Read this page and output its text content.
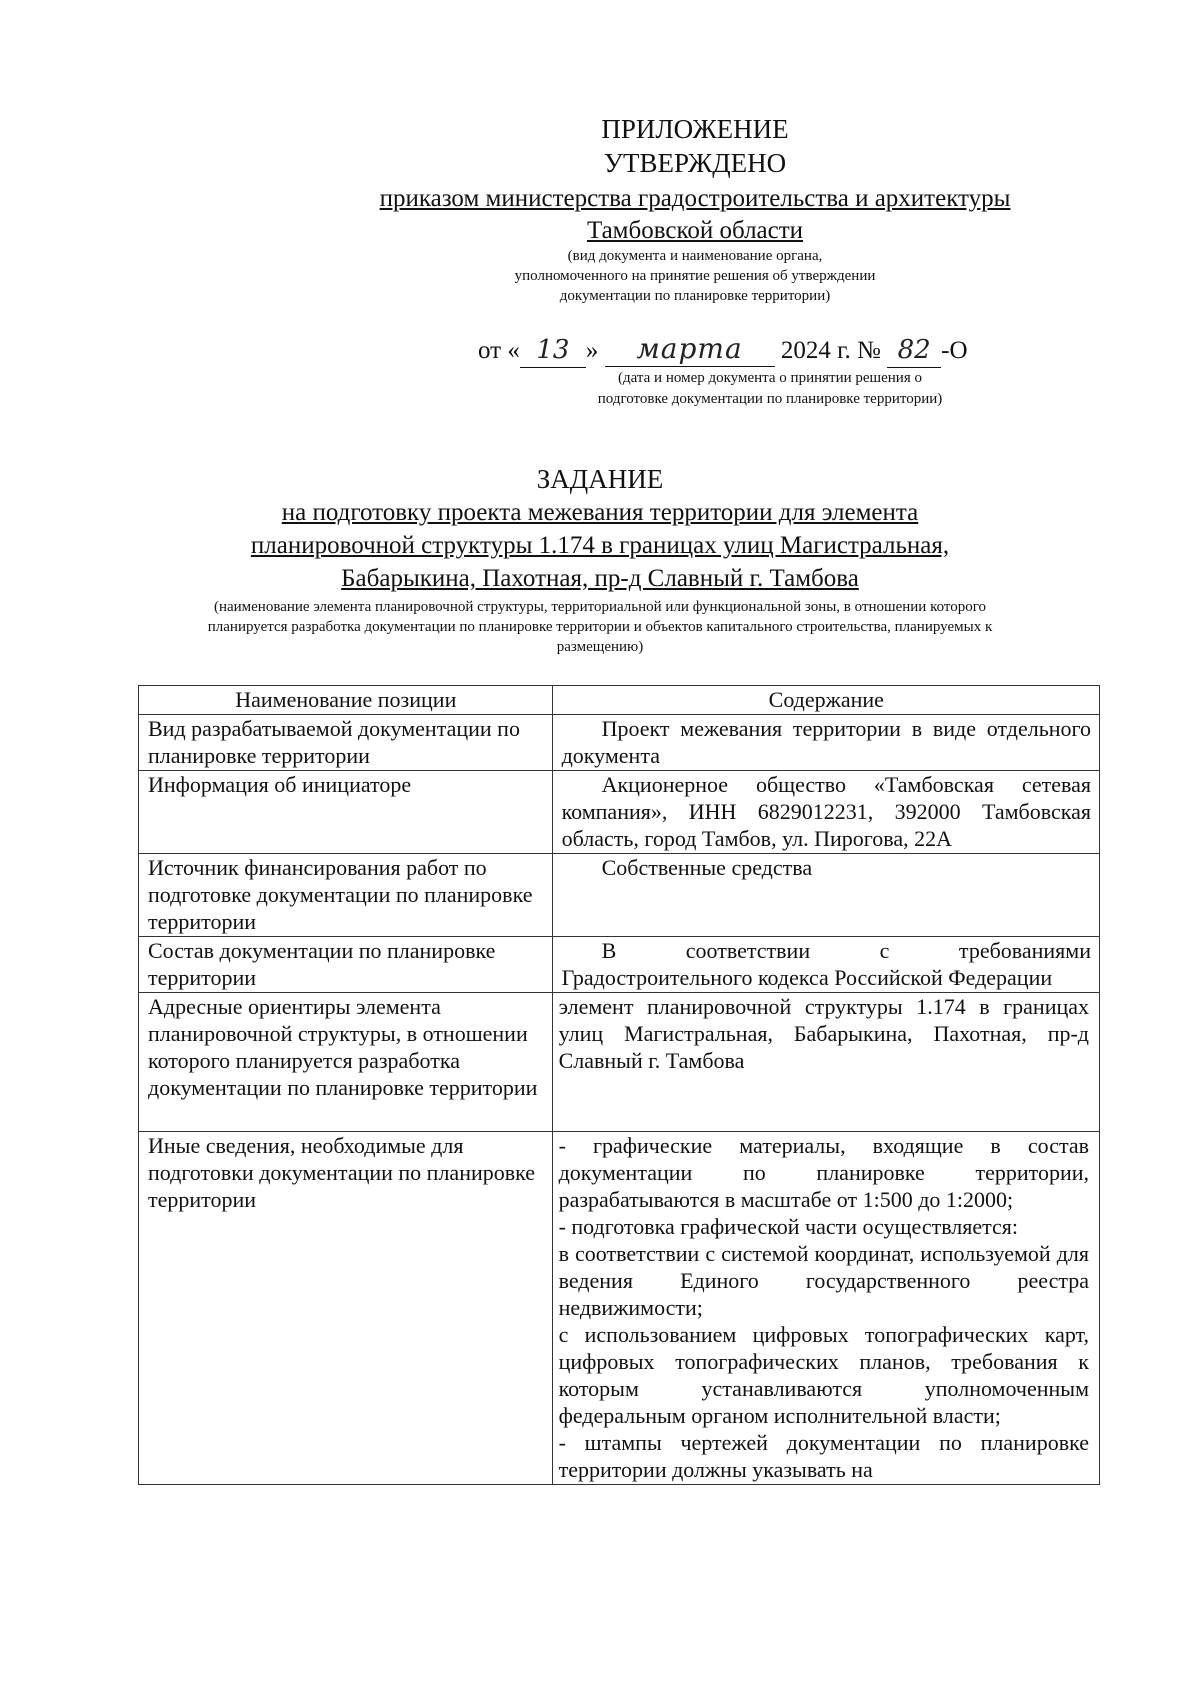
ПРИЛОЖЕНИЕ
УТВЕРЖДЕНО
приказом министерства градостроительства и архитектуры
Тамбовской области
(вид документа и наименование органа,
уполномоченного на принятие решения об утверждении
документации по планировке территории)
от « 13 » марта 2024 г. № 82 -О
(дата и номер документа о принятии решения о
подготовке документации по планировке территории)
ЗАДАНИЕ
на подготовку проекта межевания территории для элемента
планировочной структуры 1.174 в границах улиц Магистральная,
Бабарыкина, Пахотная, пр-д Славный г. Тамбова
(наименование элемента планировочной структуры, территориальной или функциональной зоны, в отношении которого
планируется разработка документации по планировке территории и объектов капитального строительства, планируемых к
размещению)
Наименование позиции	Содержание
Вид разрабатываемой документации по планировке территории	Проект межевания территории в виде отдельного документа
Информация об инициаторе	Акционерное общество «Тамбовская сетевая компания», ИНН 6829012231, 392000 Тамбовская область, город Тамбов, ул. Пирогова, 22А
Источник финансирования работ по подготовке документации по планировке территории	Собственные средства
Состав документации по планировке территории	В соответствии с требованиями Градостроительного кодекса Российской Федерации
Адресные ориентиры элемента планировочной структуры, в отношении которого планируется разработка документации по планировке территории	элемент планировочной структуры 1.174 в границах улиц Магистральная, Бабарыкина, Пахотная, пр-д Славный г. Тамбова
Иные сведения, необходимые для подготовки документации по планировке территории	- графические материалы, входящие в состав документации по планировке территории, разрабатываются в масштабе от 1:500 до 1:2000;
- подготовка графической части осуществляется:
в соответствии с системой координат, используемой для ведения Единого государственного реестра недвижимости;
с использованием цифровых топографических карт, цифровых топографических планов, требования к которым устанавливаются уполномоченным федеральным органом исполнительной власти;
- штампы чертежей документации по планировке территории должны указывать на
